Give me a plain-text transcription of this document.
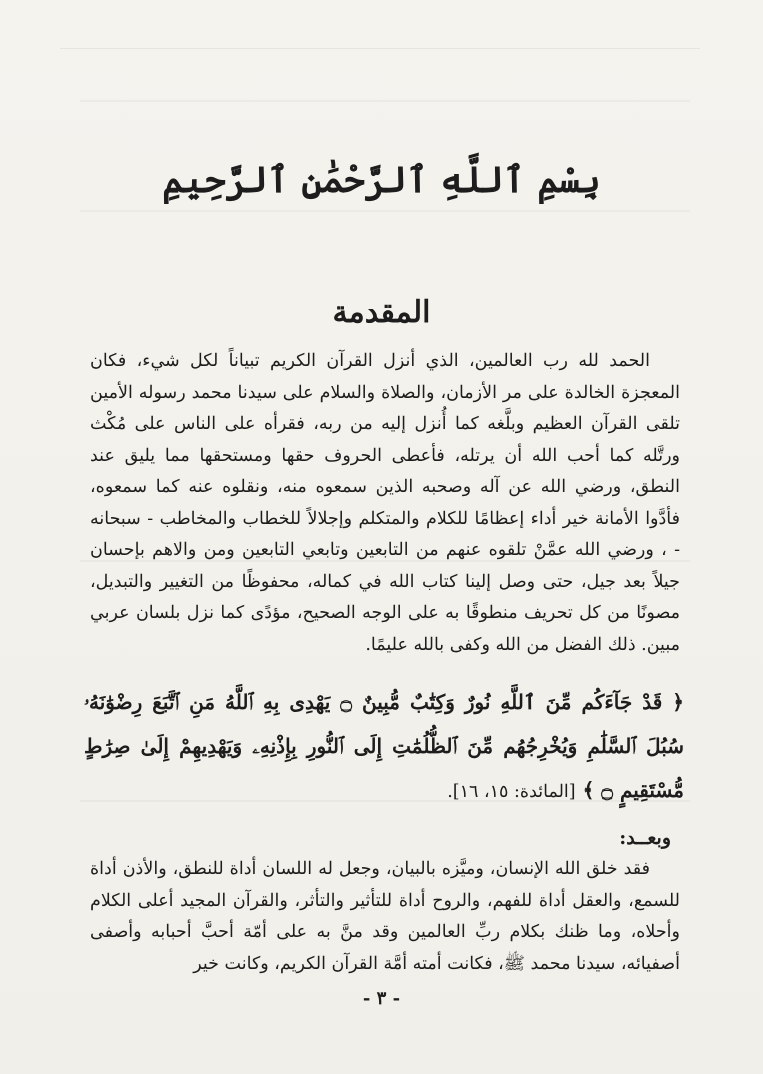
بِسْمِ ٱللَّهِ ٱلرَّحْمَٰنِ ٱلرَّحِيمِ
المقدمة

الحمد لله رب العالمين، الذي أنزل القرآن الكريم تبياناً لكل شيء، فكان المعجزة الخالدة على مر الأزمان، والصلاة والسلام على سيدنا محمد رسوله الأمين تلقى القرآن العظيم وبلَّغه كما أُنزل إليه من ربه، فقرأه على الناس على مُكْث ورتَّله كما أحب الله أن يرتله، فأعطى الحروف حقها ومستحقها مما يليق عند النطق، ورضي الله عن آله وصحبه الذين سمعوه منه، ونقلوه عنه كما سمعوه، فأدَّوا الأمانة خير أداء إعظامًا للكلام والمتكلم وإجلالاً للخطاب والمخاطب - سبحانه - ، ورضي الله عمَّنْ تلقوه عنهم من التابعين وتابعي التابعين ومن والاهم بإحسان جيلاً بعد جيل، حتى وصل إلينا كتاب الله في كماله، محفوظًا من التغيير والتبديل، مصونًا من كل تحريف منطوقًا به على الوجه الصحيح، مؤدًى كما نزل بلسان عربي مبين. ذلك الفضل من الله وكفى بالله عليمًا.

﴿ قَدْ جَآءَكُم مِّنَ ٱللَّهِ نُورٌ وَكِتَٰبٌ مُّبِينٌ ۝ يَهْدِى بِهِ ٱللَّهُ مَنِ ٱتَّبَعَ رِضْوَٰنَهُۥ سُبُلَ ٱلسَّلَٰمِ وَيُخْرِجُهُم مِّنَ ٱلظُّلُمَٰتِ إِلَى ٱلنُّورِ بِإِذْنِهِۦ وَيَهْدِيهِمْ إِلَىٰ صِرَٰطٍ مُّسْتَقِيمٍ ۝ ﴾ [المائدة: ١٥، ١٦].
وبعــد:

فقد خلق الله الإنسان، وميَّزه بالبيان، وجعل له اللسان أداة للنطق، والأذن أداة للسمع، والعقل أداة للفهم، والروح أداة للتأثير والتأثر، والقرآن المجيد أعلى الكلام وأحلاه، وما ظنك بكلام ربِّ العالمين وقد منَّ به على أمّة أحبَّ أحبابه وأصفى أصفيائه، سيدنا محمد ﷺ، فكانت أمته أمَّة القرآن الكريم، وكانت خير

- ٣ -
